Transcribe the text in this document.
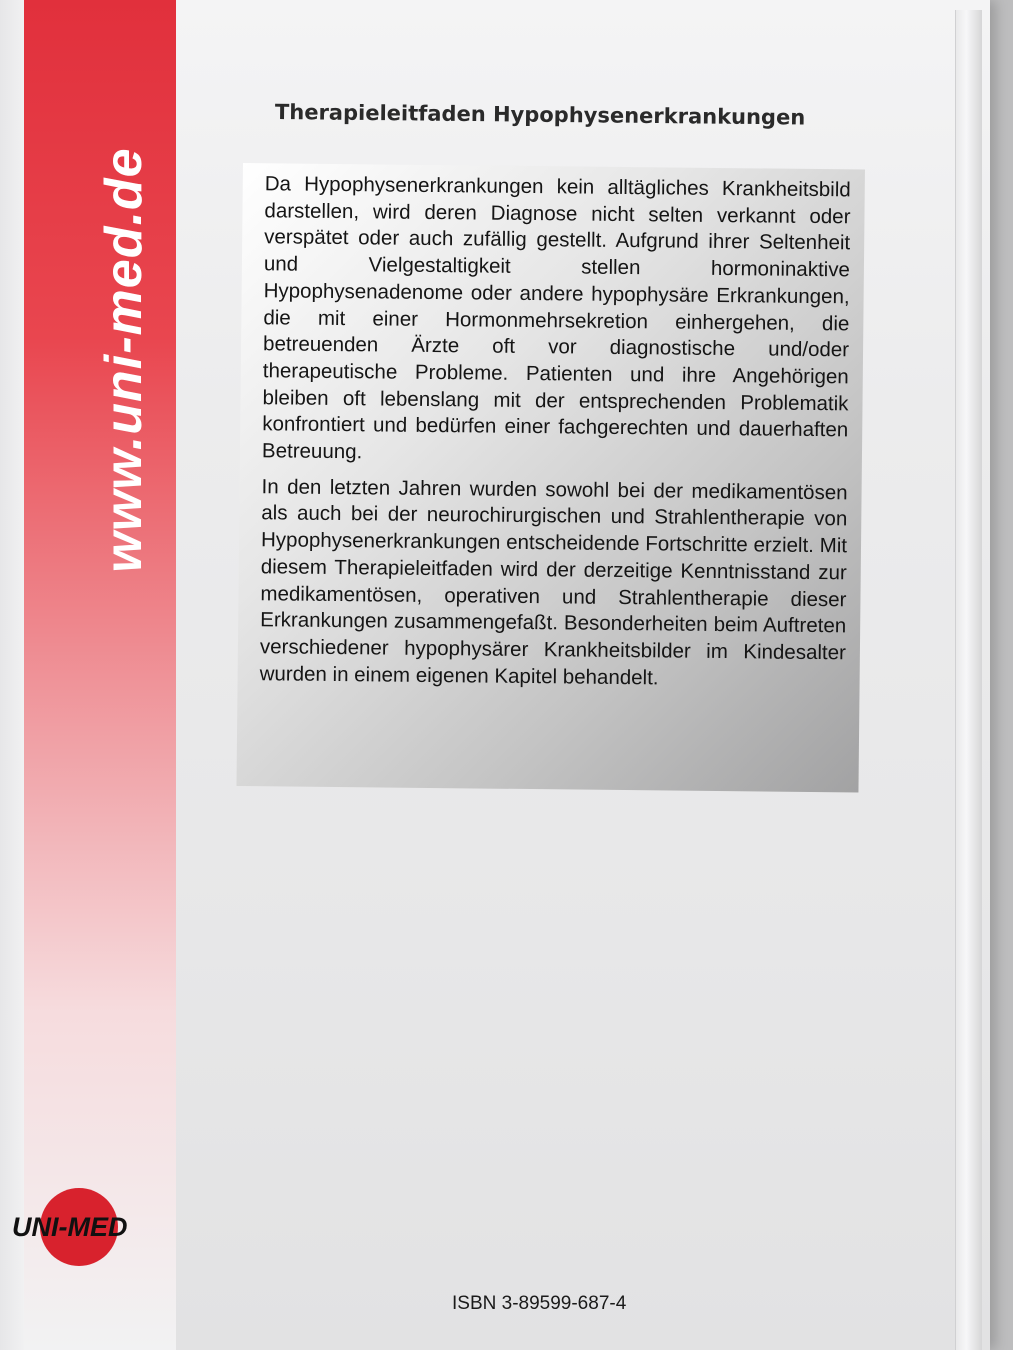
www.uni-med.de
Therapieleitfaden Hypophysenerkrankungen

Da Hypophysenerkrankungen kein alltägliches Krankheitsbild darstellen, wird deren Diagnose nicht selten verkannt oder verspätet oder auch zufällig gestellt. Aufgrund ihrer Seltenheit und Vielgestaltigkeit stellen hormoninaktive Hypophysenadenome oder andere hypophysäre Erkrankungen, die mit einer Hormonmehrsekretion einhergehen, die betreuenden Ärzte oft vor diagnostische und/oder therapeutische Probleme. Patienten und ihre Angehörigen bleiben oft lebenslang mit der entsprechenden Problematik konfrontiert und bedürfen einer fachgerechten und dauerhaften Betreuung.

In den letzten Jahren wurden sowohl bei der medikamentösen als auch bei der neurochirurgischen und Strahlentherapie von Hypophysenerkrankungen entscheidende Fortschritte erzielt. Mit diesem Therapieleitfaden wird der derzeitige Kenntnisstand zur medikamentösen, operativen und Strahlentherapie dieser Erkrankungen zusammengefaßt. Besonderheiten beim Auftreten verschiedener hypophysärer Krankheitsbilder im Kindesalter wurden in einem eigenen Kapitel behandelt.

UNI-MED
ISBN 3-89599-687-4
